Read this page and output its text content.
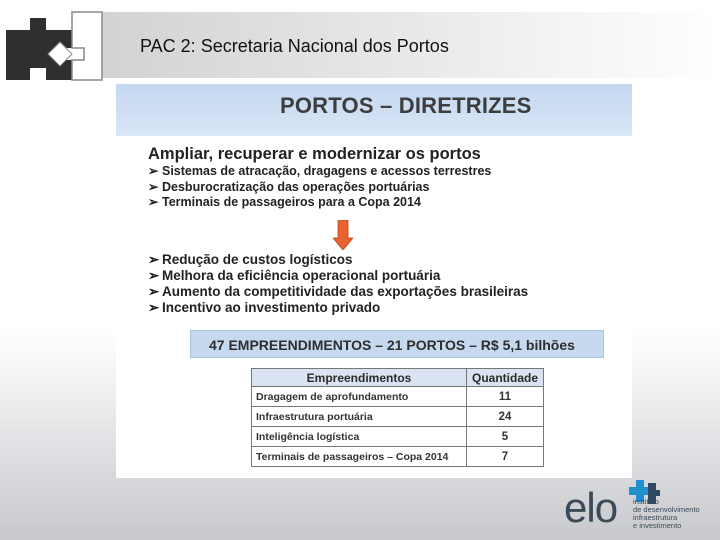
PAC 2: Secretaria Nacional dos Portos
PORTOS – DIRETRIZES
Ampliar, recuperar e modernizar os portos
➢ Sistemas de atracação, dragagens e acessos terrestres
➢ Desburocratização das operações portuárias
➢ Terminais de passageiros para a Copa 2014
➢ Redução de custos logísticos
➢ Melhora da eficiência operacional portuária
➢ Aumento da competitividade das exportações brasileiras
➢ Incentivo ao investimento privado
47 EMPREENDIMENTOS – 21 PORTOS – R$ 5,1 bilhões
Empreendimentos	Quantidade
Dragagem de aprofundamento	11
Infraestrutura portuária	24
Inteligência logística	5
Terminais de passageiros – Copa 2014	7
elo instituto
de desenvolvimento
infraestrutura
e investimento
